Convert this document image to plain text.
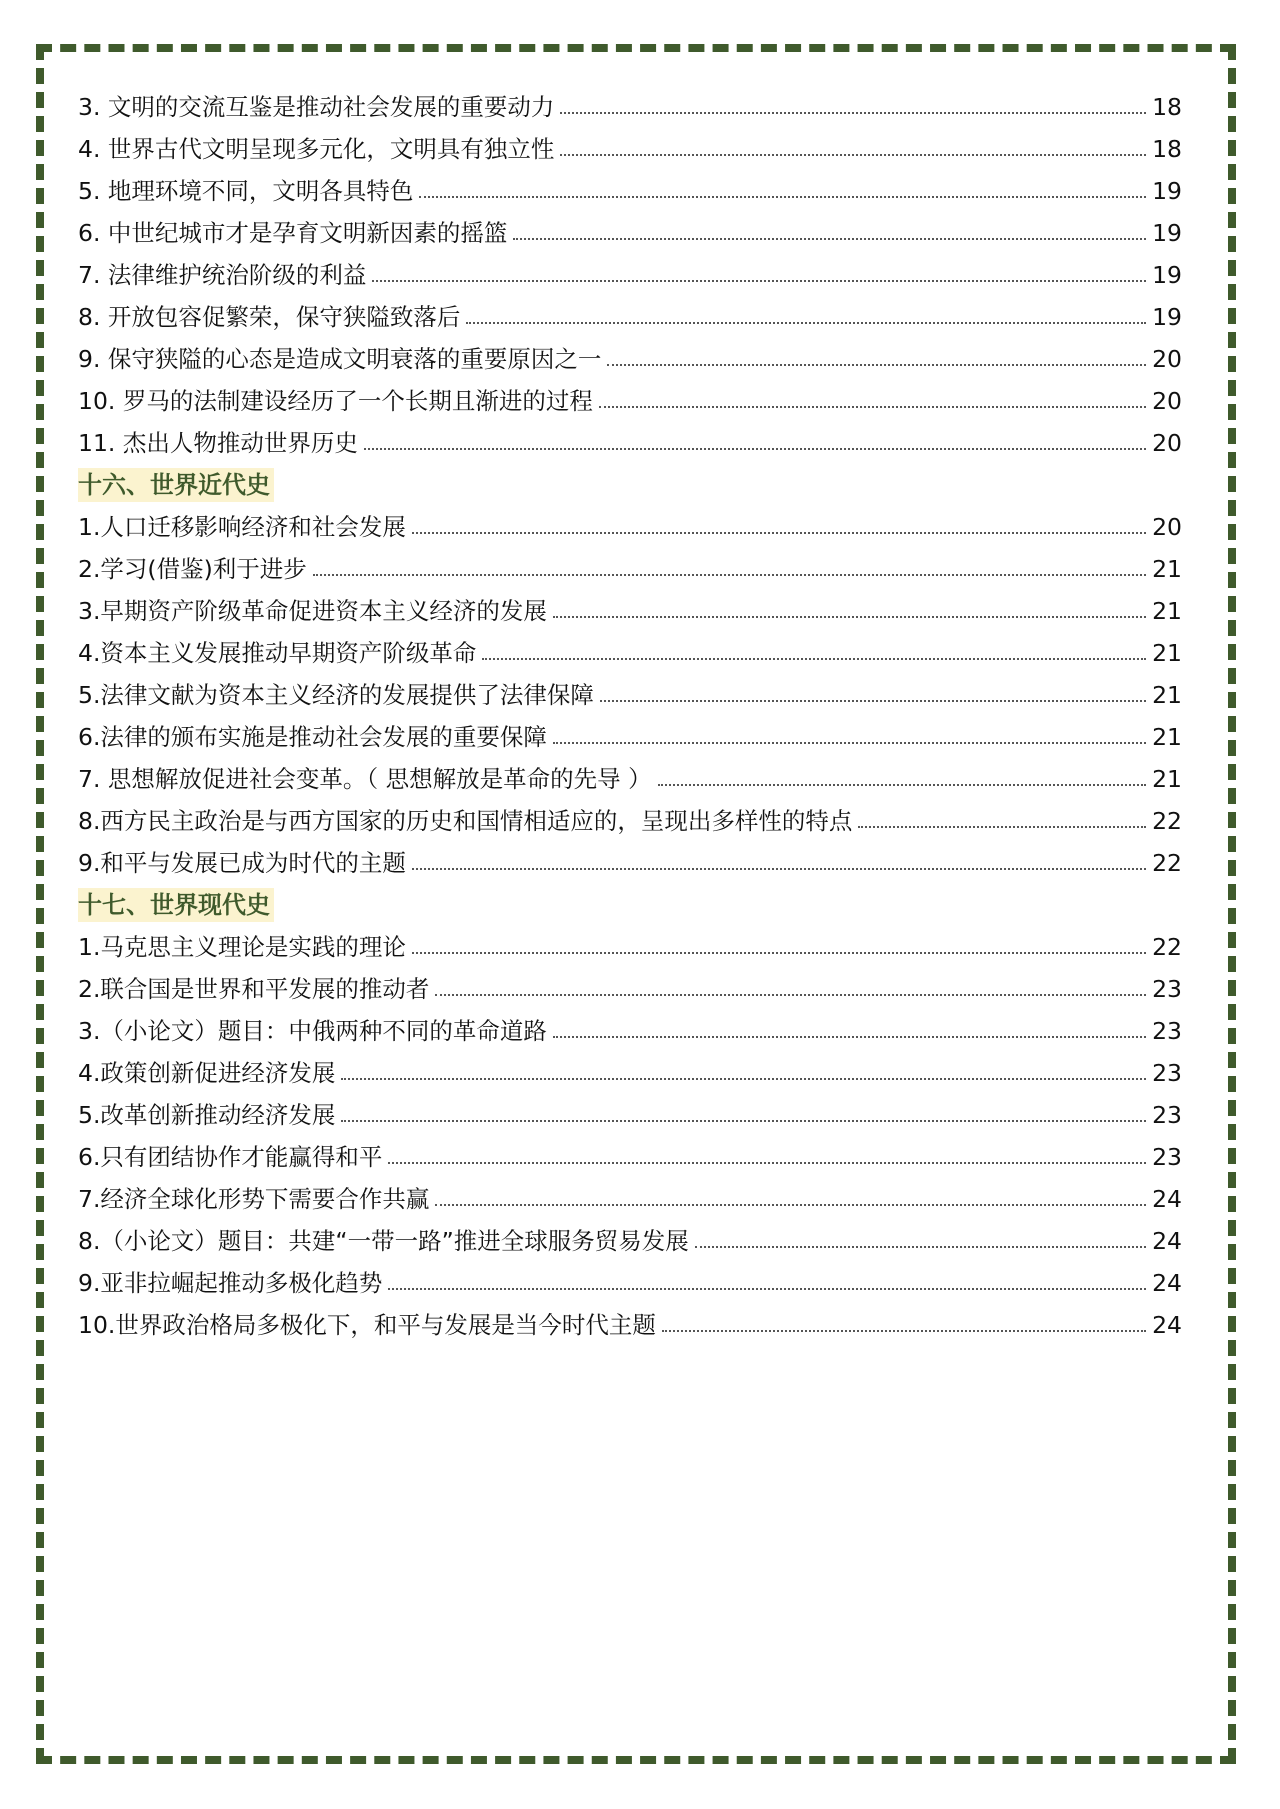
3. 文明的交流互鉴是推动社会发展的重要动力	18
4. 世界古代文明呈现多元化，文明具有独立性	18
5. 地理环境不同，文明各具特色	19
6. 中世纪城市才是孕育文明新因素的摇篮	19
7. 法律维护统治阶级的利益	19
8. 开放包容促繁荣，保守狭隘致落后	19
9. 保守狭隘的心态是造成文明衰落的重要原因之一	20
10. 罗马的法制建设经历了一个长期且渐进的过程	20
11. 杰出人物推动世界历史	20
十六、世界近代史
1.人口迁移影响经济和社会发展	20
2.学习(借鉴)利于进步	21
3.早期资产阶级革命促进资本主义经济的发展	21
4.资本主义发展推动早期资产阶级革命	21
5.法律文献为资本主义经济的发展提供了法律保障	21
6.法律的颁布实施是推动社会发展的重要保障	21
7. 思想解放促进社会变革。（ 思想解放是革命的先导 ）	21
8.西方民主政治是与西方国家的历史和国情相适应的，呈现出多样性的特点	22
9.和平与发展已成为时代的主题	22
十七、世界现代史
1.马克思主义理论是实践的理论	22
2.联合国是世界和平发展的推动者	23
3.（小论文）题目：中俄两种不同的革命道路	23
4.政策创新促进经济发展	23
5.改革创新推动经济发展	23
6.只有团结协作才能赢得和平	23
7.经济全球化形势下需要合作共赢	24
8.（小论文）题目：共建“一带一路”推进全球服务贸易发展	24
9.亚非拉崛起推动多极化趋势	24
10.世界政治格局多极化下，和平与发展是当今时代主题	24
